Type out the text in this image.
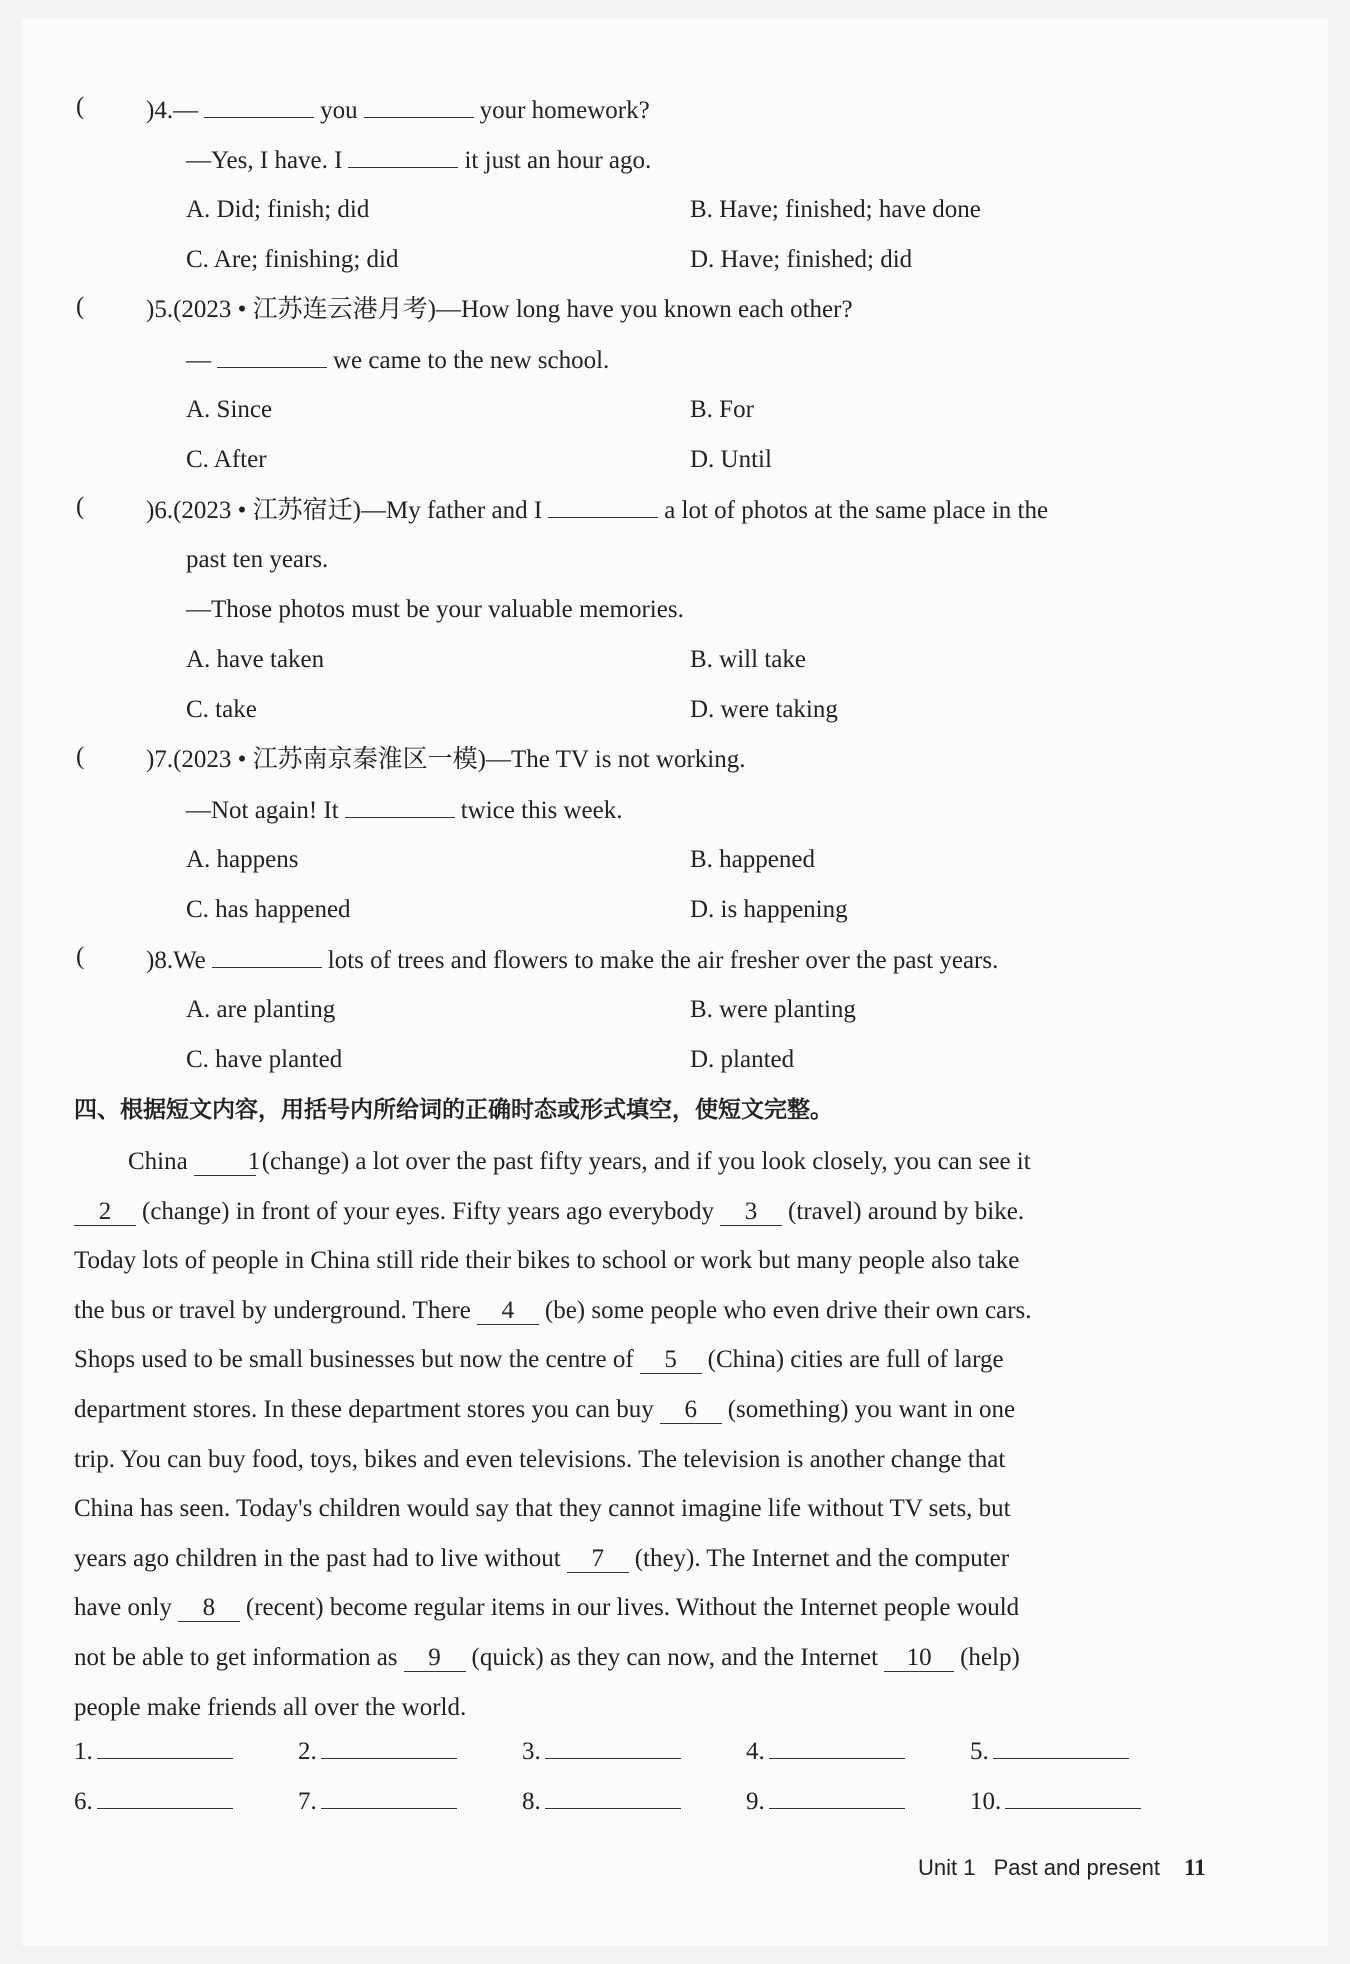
( )4.—	you	your homework?
—Yes, I have. I	it just an hour ago.
A. Did; finish; did	B. Have; finished; have done
C. Are; finishing; did	D. Have; finished; did
( )5.(2023 • 江苏连云港月考)—How long have you known each other?
—	we came to the new school.
A. Since	B. For
C. After	D. Until
( )6.(2023 • 江苏宿迁)—My father and I	a lot of photos at the same place in the
past ten years.
—Those photos must be your valuable memories.
A. have taken	B. will take
C. take	D. were taking
( )7.(2023 • 江苏南京秦淮区一模)—The TV is not working.
—Not again! It	twice this week.
A. happens	B. happened
C. has happened	D. is happening
( )8.We	lots of trees and flowers to make the air fresher over the past years.
A. are planting	B. were planting
C. have planted	D. planted
四、根据短文内容，用括号内所给词的正确时态或形式填空，使短文完整。
China 1(change) a lot over the past fifty years, and if you look closely, you can see it
2 (change) in front of your eyes. Fifty years ago everybody 3 (travel) around by bike.
Today lots of people in China still ride their bikes to school or work but many people also take
the bus or travel by underground. There 4 (be) some people who even drive their own cars.
Shops used to be small businesses but now the centre of 5 (China) cities are full of large
department stores. In these department stores you can buy 6 (something) you want in one
trip. You can buy food, toys, bikes and even televisions. The television is another change that
China has seen. Today's children would say that they cannot imagine life without TV sets, but
years ago children in the past had to live without 7 (they). The Internet and the computer
have only 8 (recent) become regular items in our lives. Without the Internet people would
not be able to get information as 9 (quick) as they can now, and the Internet 10 (help)
people make friends all over the world.
1.	2.	3.	4.	5.
6.	7.	8.	9.	10.
Unit 1 Past and present 11
